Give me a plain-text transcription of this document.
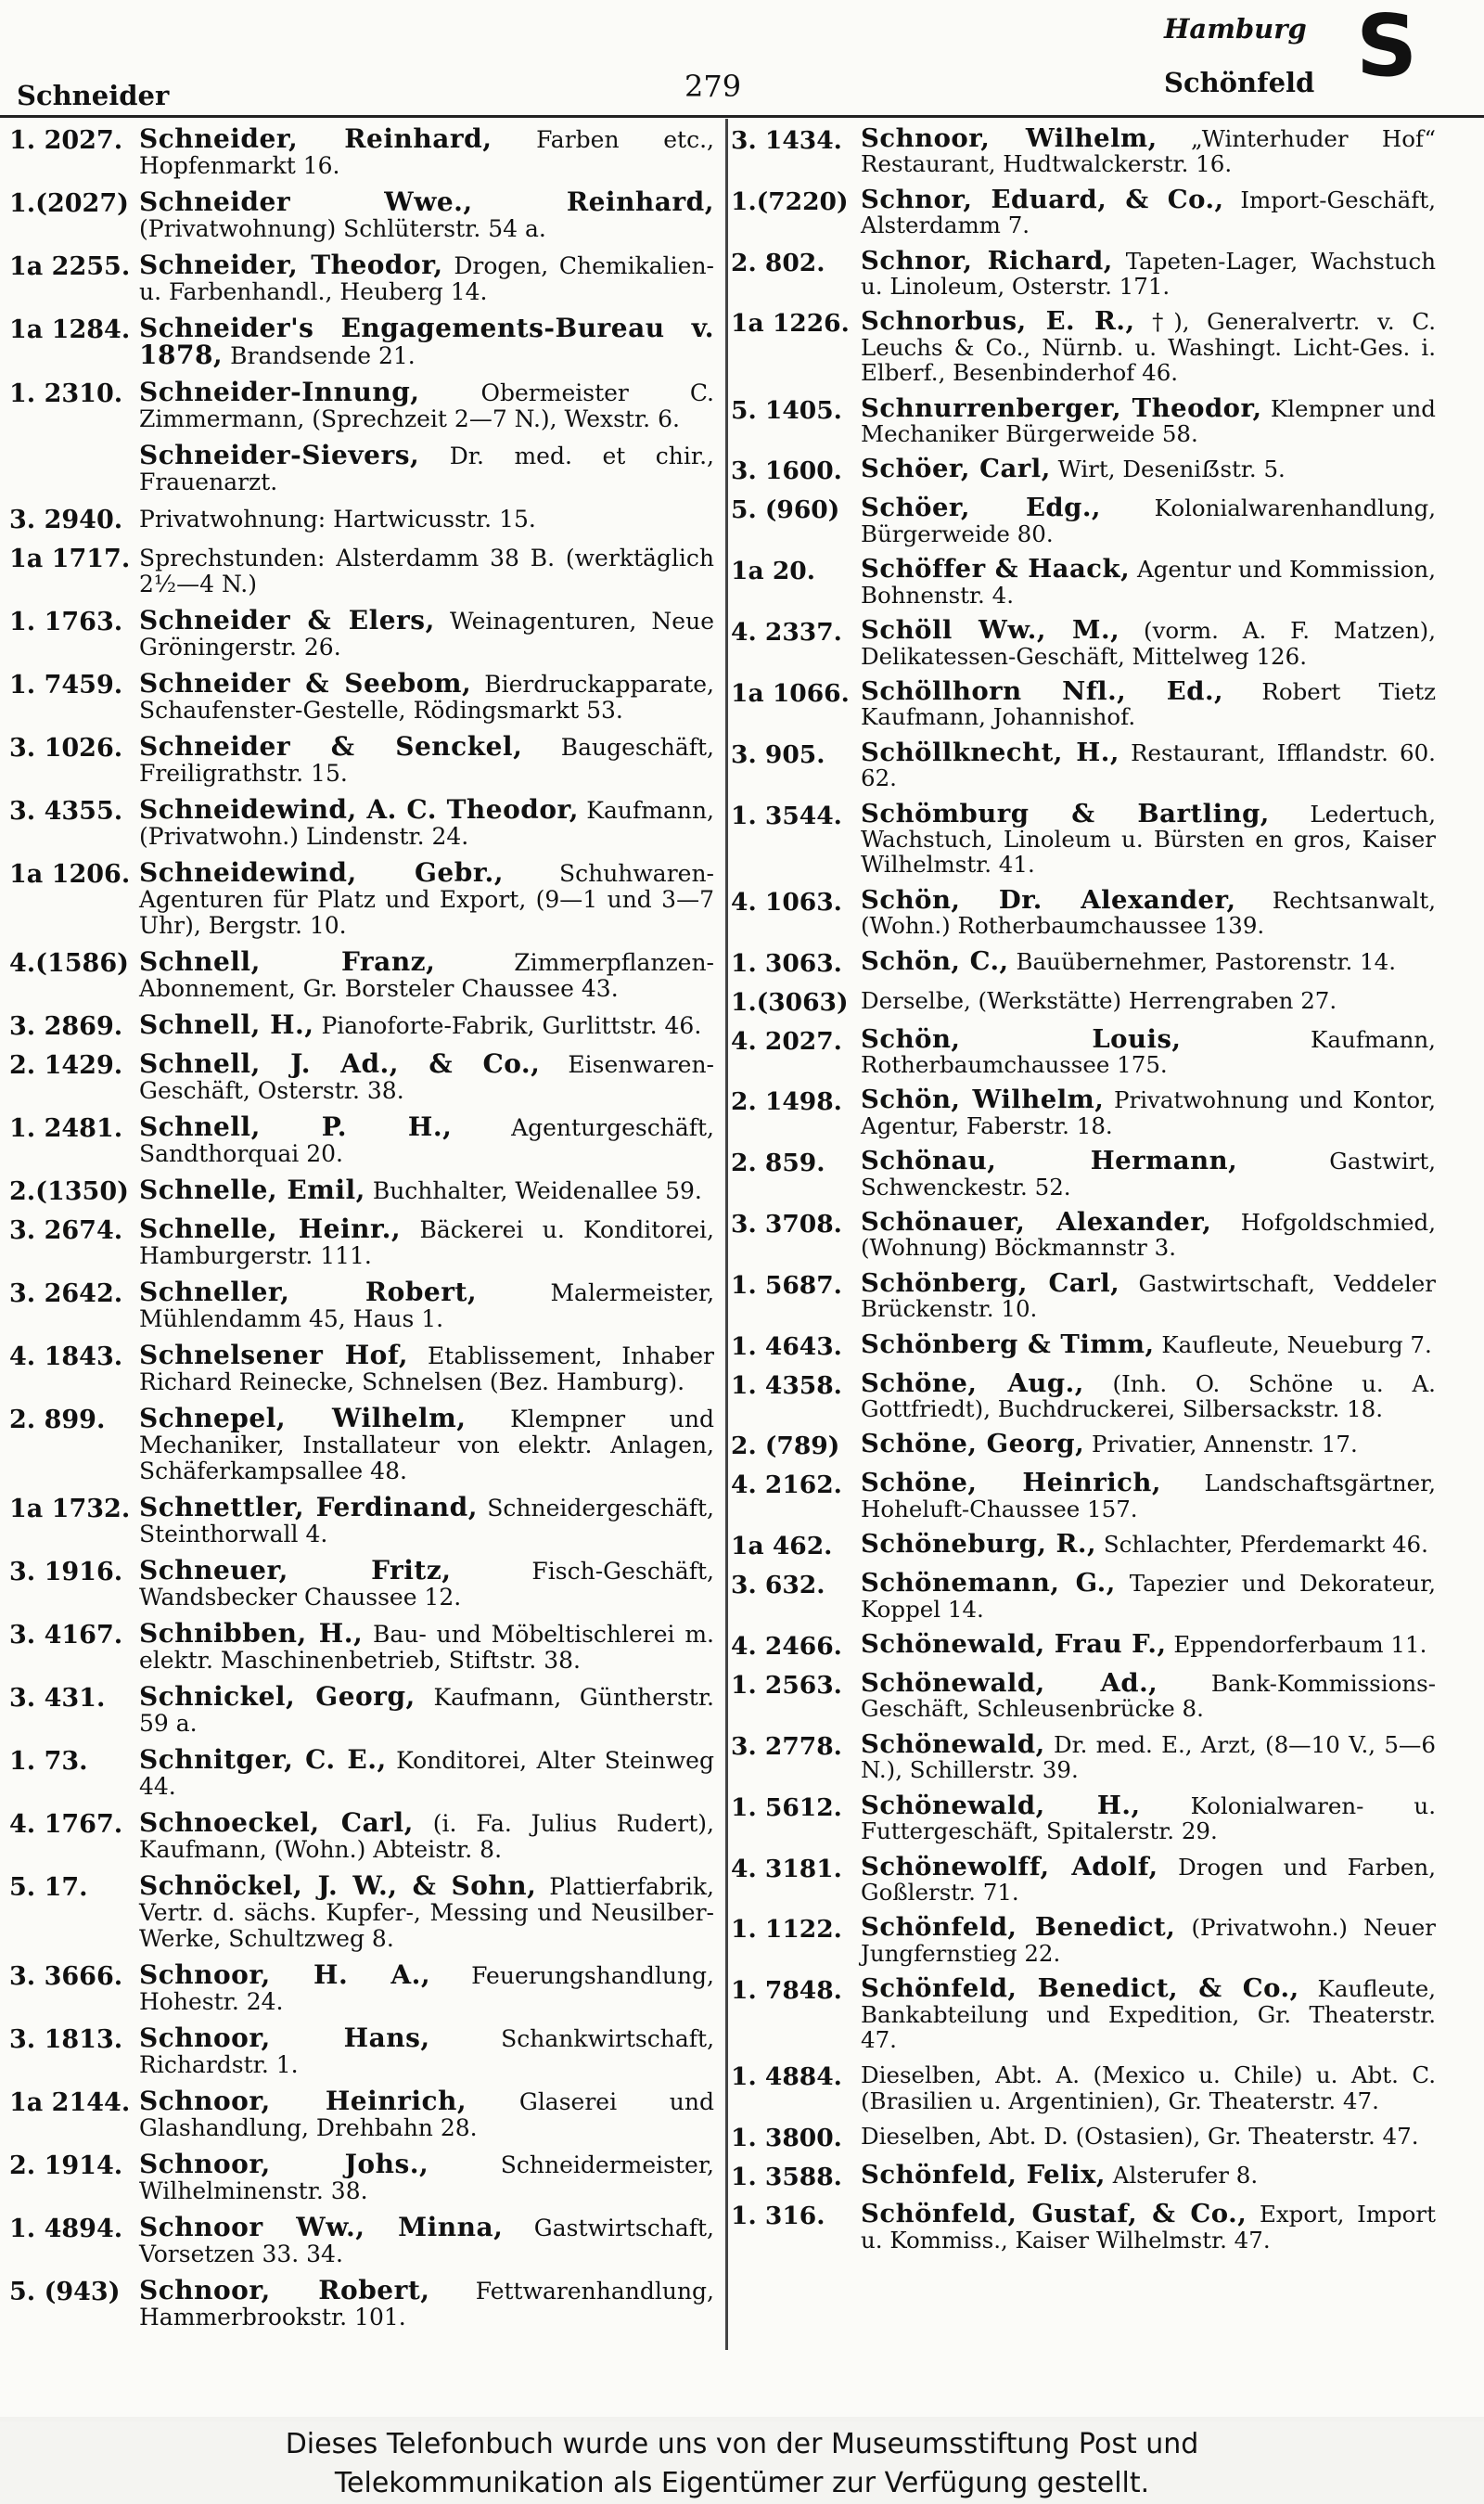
Schneider	279
Hamburg
Schönfeld S
1. 2027. Schneider, Reinhard, Farben etc., Hopfenmarkt 16.
1.(2027) Schneider Wwe., Reinhard, (Privatwohnung) Schlüterstr. 54 a.
1a 2255. Schneider, Theodor, Drogen, Chemikalien- u. Farbenhandl., Heuberg 14.
1a 1284. Schneider's Engagements-Bureau v. 1878, Brandsende 21.
1. 2310. Schneider-Innung,	Obermeister C. Zimmermann, (Sprechzeit 2—7 N.), Wexstr. 6.
Schneider-Sievers, Dr. med. et chir., Frauenarzt.
3. 2940. Privatwohnung: Hartwicusstr. 15.
1a 1717. Sprechstunden: Alsterdamm 38 B. (werktäglich 2½—4 N.)
1. 1763. Schneider & Elers, Weinagenturen, Neue Gröningerstr. 26.
1. 7459. Schneider & Seebom, Bierdruckapparate, Schaufenster-Gestelle, Rödingsmarkt 53.
3. 1026. Schneider & Senckel, Baugeschäft, Freiligrathstr. 15.
3. 4355. Schneidewind, A. C. Theodor, Kaufmann, (Privatwohn.) Lindenstr. 24.
1a 1206. Schneidewind, Gebr., Schuhwaren-Agenturen für Platz und Export, (9—1 und 3—7 Uhr), Bergstr. 10.
4.(1586) Schnell, Franz,	Zimmerpflanzen-Abonnement, Gr. Borsteler Chaussee 43.
3. 2869. Schnell, H., Pianoforte-Fabrik, Gurlittstr. 46.
2. 1429. Schnell, J. Ad., & Co., Eisenwaren-Geschäft, Osterstr. 38.
1. 2481. Schnell, P. H.,	Agenturgeschäft, Sandthorquai 20.
2.(1350) Schnelle, Emil, Buchhalter, Weidenallee 59.
3. 2674. Schnelle, Heinr., Bäckerei u. Konditorei, Hamburgerstr. 111.
3. 2642. Schneller, Robert,	Malermeister, Mühlendamm 45, Haus 1.
4. 1843. Schnelsener Hof, Etablissement, Inhaber Richard Reinecke, Schnelsen (Bez. Hamburg).
2. 899.	Schnepel, Wilhelm, Klempner und Mechaniker, Installateur von elektr. Anlagen, Schäferkampsallee 48.
1a 1732. Schnettler, Ferdinand, Schneidergeschäft, Steinthorwall 4.
3. 1916. Schneuer, Fritz,	Fisch-Geschäft, Wandsbecker Chaussee 12.
3. 4167. Schnibben, H., Bau- und Möbeltischlerei m. elektr. Maschinenbetrieb, Stiftstr. 38.
3. 431.	Schnickel, Georg, Kaufmann, Güntherstr. 59 a.
1. 73.	Schnitger, C. E., Konditorei, Alter Steinweg 44.
4. 1767. Schnoeckel, Carl, (i. Fa. Julius Rudert), Kaufmann, (Wohn.) Abteistr. 8.
5. 17.	Schnöckel, J. W., & Sohn, Plattierfabrik, Vertr. d. sächs. Kupfer-, Messing und Neusilber-Werke, Schultzweg 8.
3. 3666. Schnoor, H. A., Feuerungshandlung, Hohestr. 24.
3. 1813. Schnoor, Hans,	Schankwirtschaft, Richardstr. 1.
1a 2144. Schnoor, Heinrich, Glaserei und Glashandlung, Drehbahn 28.
2. 1914. Schnoor, Johs.,	Schneidermeister, Wilhelminenstr. 38.
1. 4894. Schnoor Ww., Minna, Gastwirtschaft, Vorsetzen 33. 34.
5. (943) Schnoor, Robert, Fettwarenhandlung, Hammerbrookstr. 101.
3. 1434. Schnoor, Wilhelm, „Winterhuder Hof“ Restaurant, Hudtwalckerstr. 16.
1.(7220) Schnor, Eduard, & Co., Import-Geschäft, Alsterdamm 7.
2. 802.	Schnor, Richard, Tapeten-Lager, Wachstuch u. Linoleum, Osterstr. 171.
1a 1226. Schnorbus, E. R., †), Generalvertr. v. C. Leuchs & Co., Nürnb. u. Washingt. Licht-Ges. i. Elberf., Besenbinderhof 46.
5. 1405. Schnurrenberger, Theodor, Klempner und Mechaniker Bürgerweide 58.
3. 1600. Schöer, Carl, Wirt, Deseniẞstr. 5.
5. (960) Schöer, Edg., Kolonialwarenhandlung, Bürgerweide 80.
1a 20.	Schöffer & Haack, Agentur und Kommission, Bohnenstr. 4.
4. 2337. Schöll Ww., M., (vorm. A. F. Matzen), Delikatessen-Geschäft, Mittelweg 126.
1a 1066. Schöllhorn Nfl., Ed., Robert Tietz Kaufmann, Johannishof.
3. 905.	Schöllknecht, H., Restaurant, Ifflandstr. 60. 62.
1. 3544. Schömburg & Bartling, Ledertuch, Wachstuch, Linoleum u. Bürsten en gros, Kaiser Wilhelmstr. 41.
4. 1063. Schön, Dr. Alexander, Rechtsanwalt, (Wohn.) Rotherbaumchaussee 139.
1. 3063. Schön, C., Bauübernehmer, Pastorenstr. 14.
1.(3063) Derselbe, (Werkstätte) Herrengraben 27.
4. 2027. Schön, Louis,	Kaufmann, Rotherbaumchaussee 175.
2. 1498. Schön, Wilhelm, Privatwohnung und Kontor, Agentur, Faberstr. 18.
2. 859.	Schönau, Hermann,	Gastwirt, Schwenckestr. 52.
3. 3708. Schönauer, Alexander, Hofgoldschmied, (Wohnung) Böckmannstr 3.
1. 5687. Schönberg, Carl, Gastwirtschaft, Veddeler Brückenstr. 10.
1. 4643. Schönberg & Timm, Kaufleute, Neueburg 7.
1. 4358. Schöne, Aug., (Inh. O. Schöne u. A. Gottfriedt), Buchdruckerei, Silbersackstr. 18.
2. (789) Schöne, Georg, Privatier, Annenstr. 17.
4. 2162. Schöne, Heinrich, Landschaftsgärtner, Hoheluft-Chaussee 157.
1a 462.	Schöneburg, R., Schlachter, Pferdemarkt 46.
3. 632.	Schönemann, G., Tapezier und Dekorateur, Koppel 14.
4. 2466. Schönewald, Frau F., Eppendorferbaum 11.
1. 2563. Schönewald, Ad., Bank-Kommissions-Geschäft, Schleusenbrücke 8.
3. 2778. Schönewald, Dr. med. E., Arzt, (8—10 V., 5—6 N.), Schillerstr. 39.
1. 5612. Schönewald, H., Kolonialwaren- u. Futtergeschäft, Spitalerstr. 29.
4. 3181. Schönewolff, Adolf, Drogen und Farben, Goßlerstr. 71.
1. 1122. Schönfeld, Benedict, (Privatwohn.) Neuer Jungfernstieg 22.
1. 7848. Schönfeld, Benedict, & Co., Kaufleute, Bankabteilung und Expedition, Gr. Theaterstr. 47.
1. 4884. Dieselben, Abt. A. (Mexico u. Chile) u. Abt. C. (Brasilien u. Argentinien), Gr. Theaterstr. 47.
1. 3800. Dieselben, Abt. D. (Ostasien), Gr. Theaterstr. 47.
1. 3588. Schönfeld, Felix, Alsterufer 8.
1. 316.	Schönfeld, Gustaf, & Co., Export, Import u. Kommiss., Kaiser Wilhelmstr. 47.
Dieses Telefonbuch wurde uns von der Museumsstiftung Post und
Telekommunikation als Eigentümer zur Verfügung gestellt.
